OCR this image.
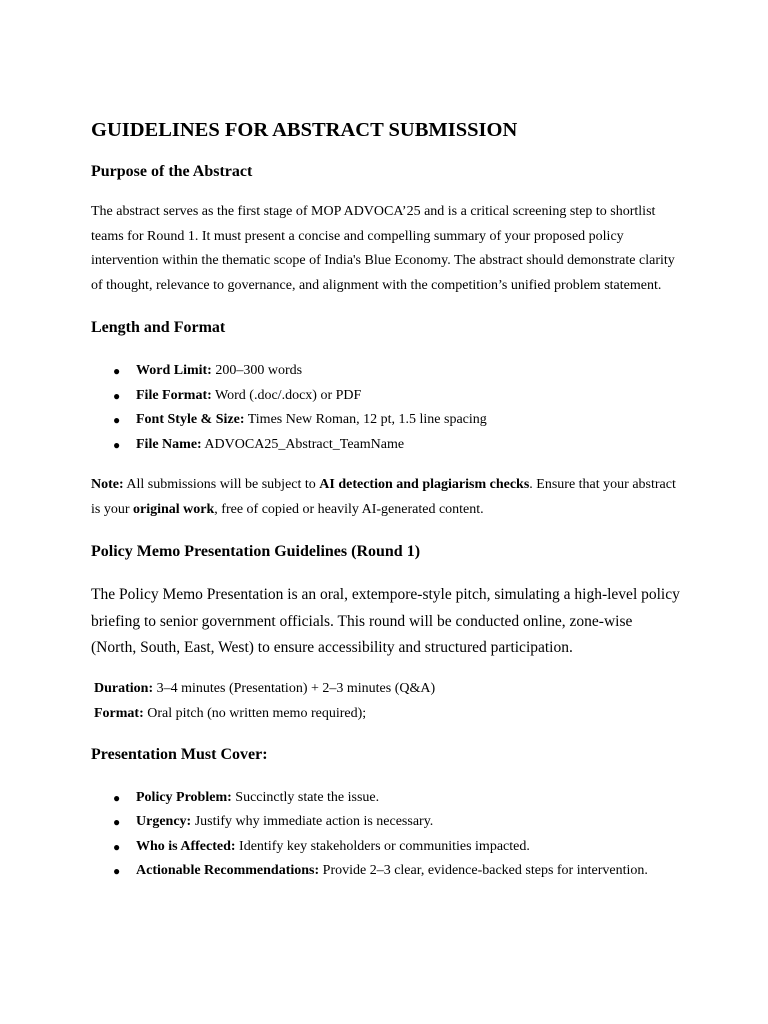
GUIDELINES FOR ABSTRACT SUBMISSION
Purpose of the Abstract

The abstract serves as the first stage of MOP ADVOCA’25 and is a critical screening step to shortlist teams for Round 1. It must present a concise and compelling summary of your proposed policy intervention within the thematic scope of India's Blue Economy. The abstract should demonstrate clarity of thought, relevance to governance, and alignment with the competition’s unified problem statement.

Length and Format
● Word Limit: 200–300 words
● File Format: Word (.doc/.docx) or PDF
● Font Style & Size: Times New Roman, 12 pt, 1.5 line spacing
● File Name: ADVOCA25_Abstract_TeamName

Note: All submissions will be subject to AI detection and plagiarism checks. Ensure that your abstract is your original work, free of copied or heavily AI-generated content.

Policy Memo Presentation Guidelines (Round 1)

The Policy Memo Presentation is an oral, extempore-style pitch, simulating a high-level policy briefing to senior government officials. This round will be conducted online, zone-wise (North, South, East, West) to ensure accessibility and structured participation.

Duration: 3–4 minutes (Presentation) + 2–3 minutes (Q&A)
Format: Oral pitch (no written memo required);
Presentation Must Cover:
● Policy Problem: Succinctly state the issue.
● Urgency: Justify why immediate action is necessary.
● Who is Affected: Identify key stakeholders or communities impacted.
● Actionable Recommendations: Provide 2–3 clear, evidence-backed steps for intervention.
